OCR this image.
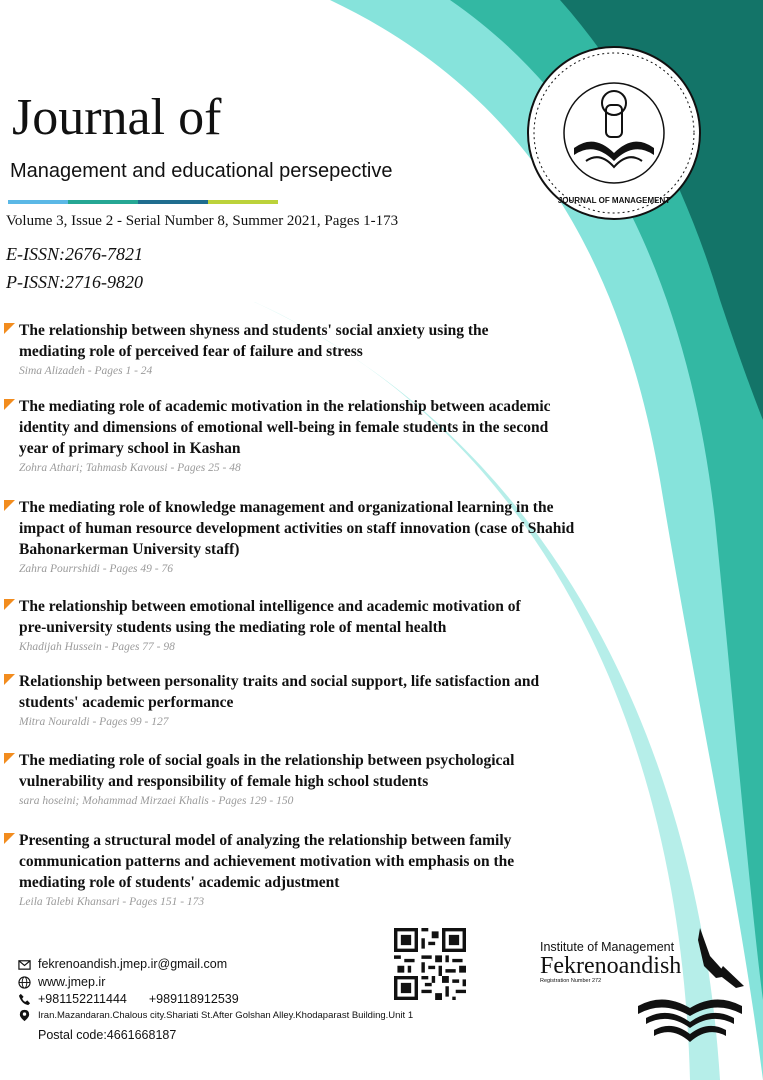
JOURNAL OF MANAGEMENT
Journal of
Management and educational persepective
Volume 3, Issue 2 - Serial Number 8, Summer 2021, Pages 1-173
E-ISSN:2676-7821
P-ISSN:2716-9820
The relationship between shyness and students' social anxiety using the
mediating role of perceived fear of failure and stress
Sima Alizadeh - Pages 1 - 24
The mediating role of academic motivation in the relationship between academic
identity and dimensions of emotional well-being in female students in the second
year of primary school in Kashan
Zohra Athari; Tahmasb Kavousi - Pages 25 - 48
The mediating role of knowledge management and organizational learning in the
impact of human resource development activities on staff innovation (case of Shahid
Bahonarkerman University staff)
Zahra Pourrshidi - Pages 49 - 76
The relationship between emotional intelligence and academic motivation of
pre-university students using the mediating role of mental health
Khadijah Hussein - Pages 77 - 98
Relationship between personality traits and social support, life satisfaction and
students' academic performance
Mitra Nouraldi - Pages 99 - 127
The mediating role of social goals in the relationship between psychological
vulnerability and responsibility of female high school students
sara hoseini; Mohammad Mirzaei Khalis - Pages 129 - 150
Presenting a structural model of analyzing the relationship between family
communication patterns and achievement motivation with emphasis on the
mediating role of students' academic adjustment
Leila Talebi Khansari - Pages 151 - 173
fekrenoandish.jmep.ir@gmail.com
www.jmep.ir
+981152211444 +989118912539
Iran.Mazandaran.Chalous city.Shariati St.After Golshan Alley.Khodaparast Building.Unit 1
Postal code:4661668187
Institute of Management
Fekrenoandish
Registration Number 272
